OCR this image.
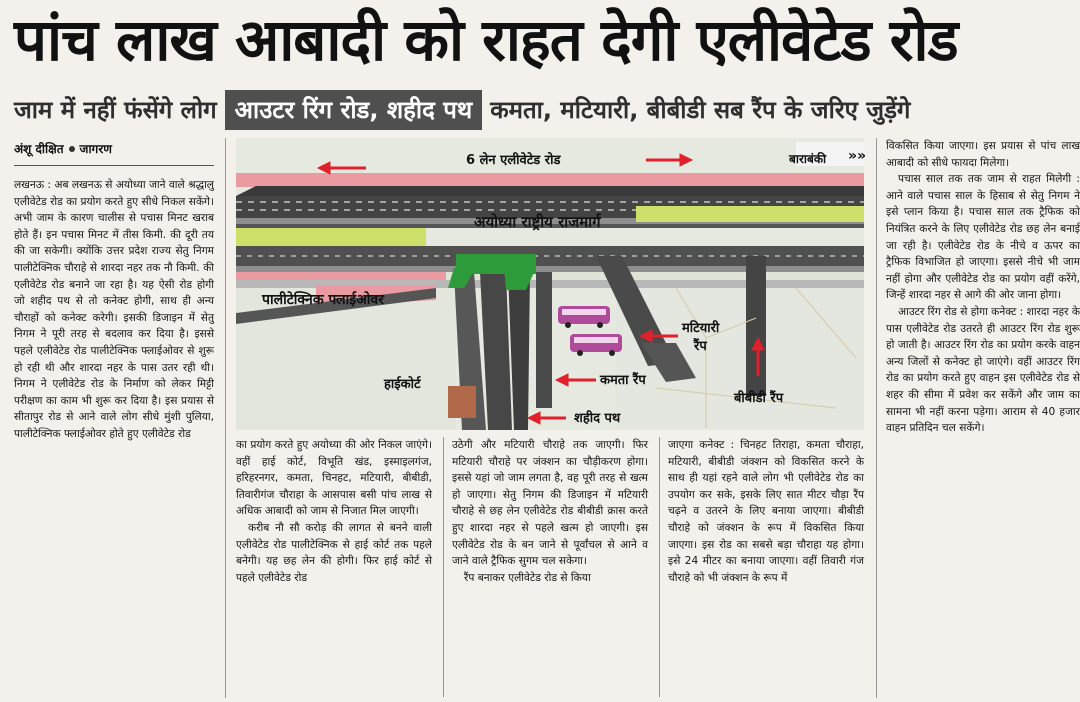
पांच लाख आबादी को राहत देगी एलीवेटेड रोड
जाम में नहीं फंसेंगे लोग आउटर रिंग रोड, शहीद पथ कमता, मटियारी, बीबीडी सब रैंप के जरिए जुड़ेंगे
अंशू दीक्षित जागरण

लखनऊ : अब लखनऊ से अयोध्या जाने वाले श्रद्धालु एलीवेटेड रोड का प्रयोग करते हुए सीधे निकल सकेंगे। अभी जाम के कारण चालीस से पचास मिनट खराब होते हैं। इन पचास मिनट में तीस किमी. की दूरी तय की जा सकेगी। क्योंकि उत्तर प्रदेश राज्य सेतु निगम पालीटेक्निक चौराहे से शारदा नहर तक नौ किमी. की एलीवेटेड रोड बनाने जा रहा है। यह ऐसी रोड होगी जो शहीद पथ से तो कनेक्ट होगी, साथ ही अन्य चौराहों को कनेक्ट करेगी। इसकी डिजाइन में सेतु निगम ने पूरी तरह से बदलाव कर दिया है। इससे पहले एलीवेटेड रोड पालीटेक्निक फ्लाईओवर से शुरू हो रही थी और शारदा नहर के पास उतर रही थी। निगम ने एलीवेटेड रोड के निर्माण को लेकर मिट्टी परीक्षण का काम भी शुरू कर दिया है। इस प्रयास से सीतापुर रोड से आने वाले लोग सीधे मुंशी पुलिया, पालीटेक्निक फ्लाईओवर होते हुए एलीवेटेड रोड

»»
6 लेन एलीवेटेड रोड	बाराबंकी
अयोध्या राष्ट्रीय राजमार्ग
पालीटेक्निक फ्लाईओवर
मटियारी
रैंप
हाईकोर्ट	कमता रैंप
बीबीडी रैंप
शहीद पथ

का प्रयोग करते हुए अयोध्या की ओर निकल जाएंगे। वहीं हाई कोर्ट, विभूति खंड, इस्माइलगंज, हरिहरनगर, कमता, चिनहट, मटियारी, बीबीडी, तिवारीगंज चौराहा के आसपास बसी पांच लाख से अधिक आबादी को जाम से निजात मिल जाएगी।

करीब नौ सौ करोड़ की लागत से बनने वाली एलीवेटेड रोड पालीटेक्निक से हाई कोर्ट तक पहले बनेगी। यह छह लेन की होगी। फिर हाई कोर्ट से पहले एलीवेटेड रोड

उठेगी और मटियारी चौराहे तक जाएगी। फिर मटियारी चौराहे पर जंक्शन का चौड़ीकरण होगा। इससे यहां जो जाम लगता है, वह पूरी तरह से खत्म हो जाएगा। सेतु निगम की डिजाइन में मटियारी चौराहे से छह लेन एलीवेटेड रोड बीबीडी क्रास करते हुए शारदा नहर से पहले खत्म हो जाएगी। इस एलीवेटेड रोड के बन जाने से पूर्वांचल से आने व जाने वाले ट्रैफिक सुगम चल सकेगा।

रैंप बनाकर एलीवेटेड रोड से किया

जाएगा कनेक्ट : चिनहट तिराहा, कमता चौराहा, मटियारी, बीबीडी जंक्शन को विकसित करने के साथ ही यहां रहने वाले लोग भी एलीवेटेड रोड का उपयोग कर सके, इसके लिए सात मीटर चौड़ा रैंप चढ़ने व उतरने के लिए बनाया जाएगा। बीबीडी चौराहे को जंक्शन के रूप में विकसित किया जाएगा। इस रोड का सबसे बड़ा चौराहा यह होगा। इसे 24 मीटर का बनाया जाएगा। वहीं तिवारी गंज चौराहे को भी जंक्शन के रूप में

विकसित किया जाएगा। इस प्रयास से पांच लाख आबादी को सीधे फायदा मिलेगा।

पचास साल तक तक जाम से राहत मिलेगी : आने वाले पचास साल के हिसाब से सेतु निगम ने इसे प्लान किया है। पचास साल तक ट्रैफिक को नियंत्रित करने के लिए एलीवेटेड रोड छह लेन बनाई जा रही है। एलीवेटेड रोड के नीचे व ऊपर का ट्रैफिक विभाजित हो जाएगा। इससे नीचे भी जाम नहीं होगा और एलीवेटेड रोड का प्रयोग वहीं करेंगे, जिन्हें शारदा नहर से आगे की ओर जाना होगा।

आउटर रिंग रोड से होगा कनेक्ट : शारदा नहर के पास एलीवेटेड रोड उतरते ही आउटर रिंग रोड शुरू हो जाती है। आउटर रिंग रोड का प्रयोग करके वाहन अन्य जिलों से कनेक्ट हो जाएंगे। वहीं आउटर रिंग रोड का प्रयोग करते हुए वाहन इस एलीवेटेड रोड से शहर की सीमा में प्रवेश कर सकेंगे और जाम का सामना भी नहीं करना पड़ेगा। आराम से 40 हजार वाहन प्रतिदिन चल सकेंगे।
